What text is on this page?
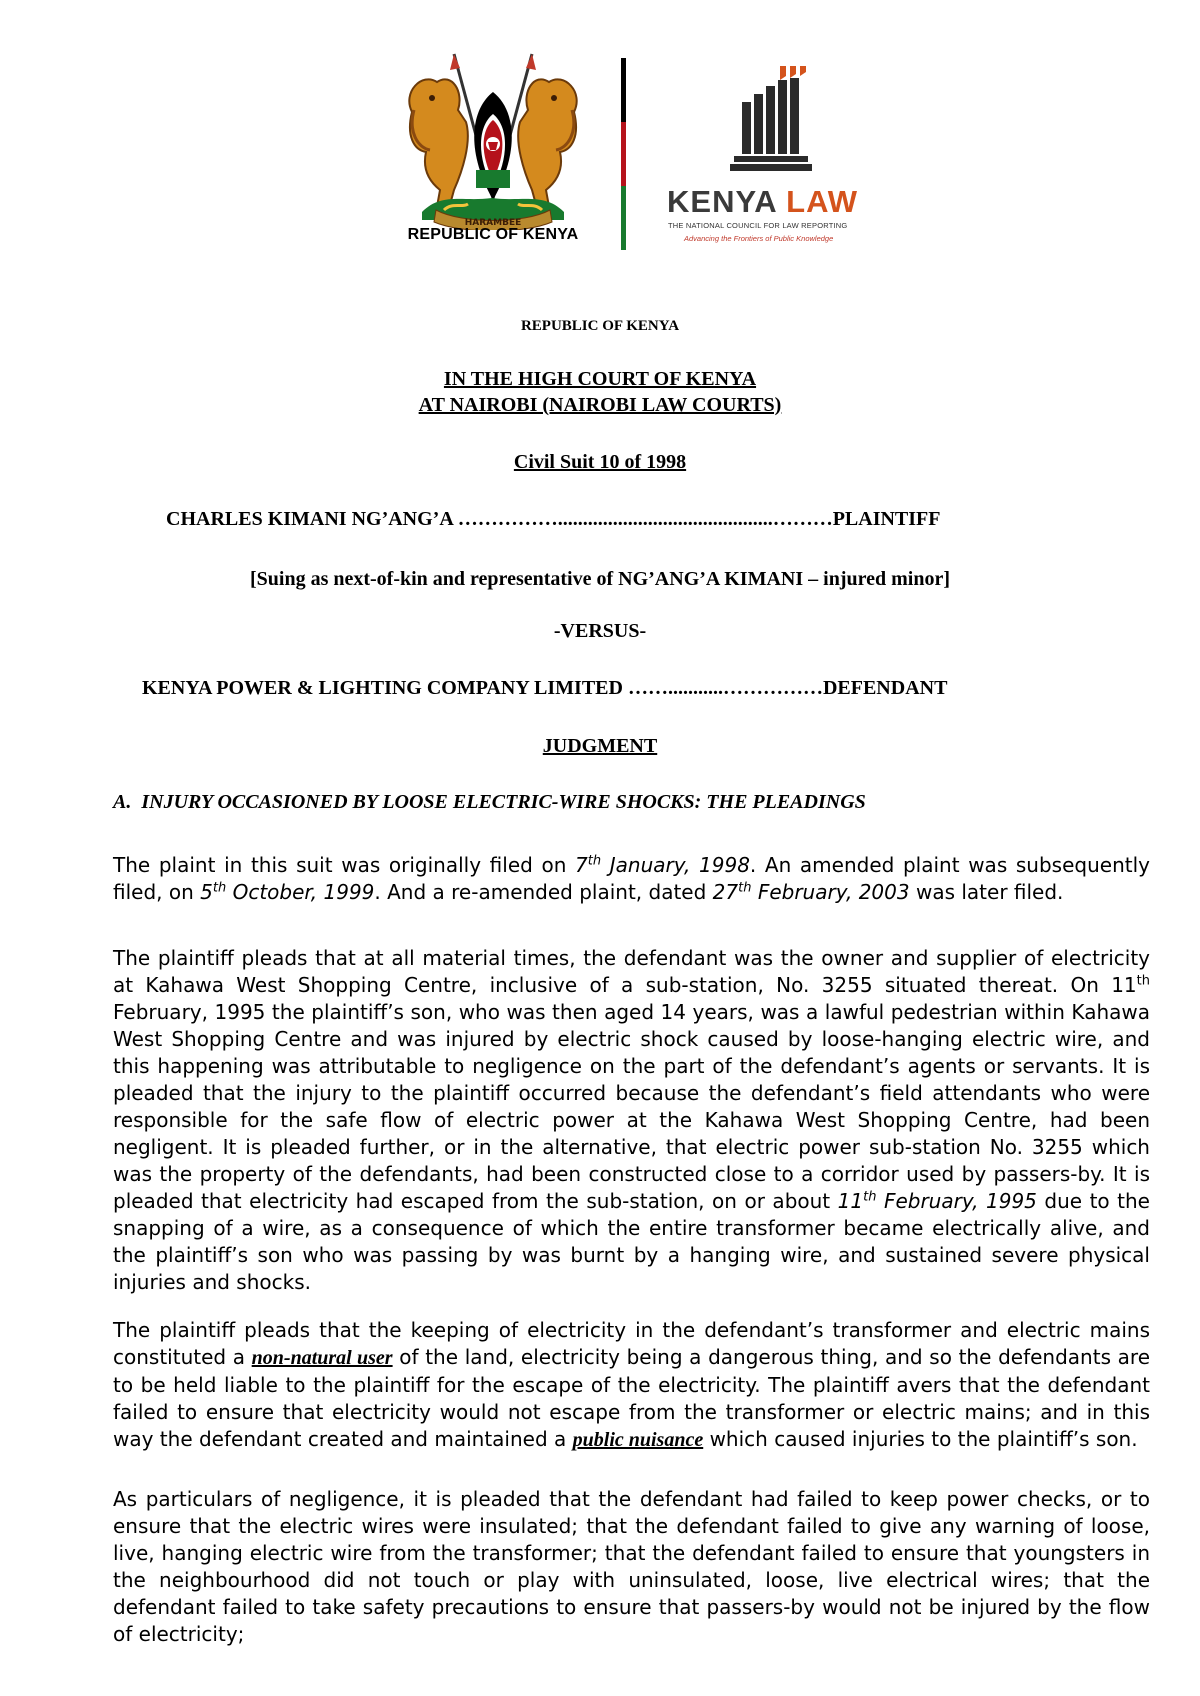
HARAMBEE
REPUBLIC OF KENYA
KENYA LAW
THE NATIONAL COUNCIL FOR LAW REPORTING
Advancing the Frontiers of Public Knowledge
REPUBLIC OF KENYA
IN THE HIGH COURT OF KENYA
AT NAIROBI (NAIROBI LAW COURTS)
Civil Suit 10 of 1998
CHARLES KIMANI NG’ANG’A ……………...........................................………PLAINTIFF
[Suing as next-of-kin and representative of NG’ANG’A KIMANI – injured minor]
-VERSUS-
KENYA POWER & LIGHTING COMPANY LIMITED ……...........……………DEFENDANT
JUDGMENT
A. INJURY OCCASIONED BY LOOSE ELECTRIC-WIRE SHOCKS: THE PLEADINGS
The plaint in this suit was originally filed on 7th January, 1998. An amended plaint was subsequently filed, on 5th October, 1999. And a re-amended plaint, dated 27th February, 2003 was later filed.
The plaintiff pleads that at all material times, the defendant was the owner and supplier of electricity at Kahawa West Shopping Centre, inclusive of a sub-station, No. 3255 situated thereat. On 11th February, 1995 the plaintiff’s son, who was then aged 14 years, was a lawful pedestrian within Kahawa West Shopping Centre and was injured by electric shock caused by loose-hanging electric wire, and this happening was attributable to negligence on the part of the defendant’s agents or servants. It is pleaded that the injury to the plaintiff occurred because the defendant’s field attendants who were responsible for the safe flow of electric power at the Kahawa West Shopping Centre, had been negligent. It is pleaded further, or in the alternative, that electric power sub-station No. 3255 which was the property of the defendants, had been constructed close to a corridor used by passers-by. It is pleaded that electricity had escaped from the sub-station, on or about 11th February, 1995 due to the snapping of a wire, as a consequence of which the entire transformer became electrically alive, and the plaintiff’s son who was passing by was burnt by a hanging wire, and sustained severe physical injuries and shocks.
The plaintiff pleads that the keeping of electricity in the defendant’s transformer and electric mains constituted a non-natural user of the land, electricity being a dangerous thing, and so the defendants are to be held liable to the plaintiff for the escape of the electricity. The plaintiff avers that the defendant failed to ensure that electricity would not escape from the transformer or electric mains; and in this way the defendant created and maintained a public nuisance which caused injuries to the plaintiff’s son.
As particulars of negligence, it is pleaded that the defendant had failed to keep power checks, or to ensure that the electric wires were insulated; that the defendant failed to give any warning of loose, live, hanging electric wire from the transformer; that the defendant failed to ensure that youngsters in the neighbourhood did not touch or play with uninsulated, loose, live electrical wires; that the defendant failed to take safety precautions to ensure that passers-by would not be injured by the flow of electricity;
